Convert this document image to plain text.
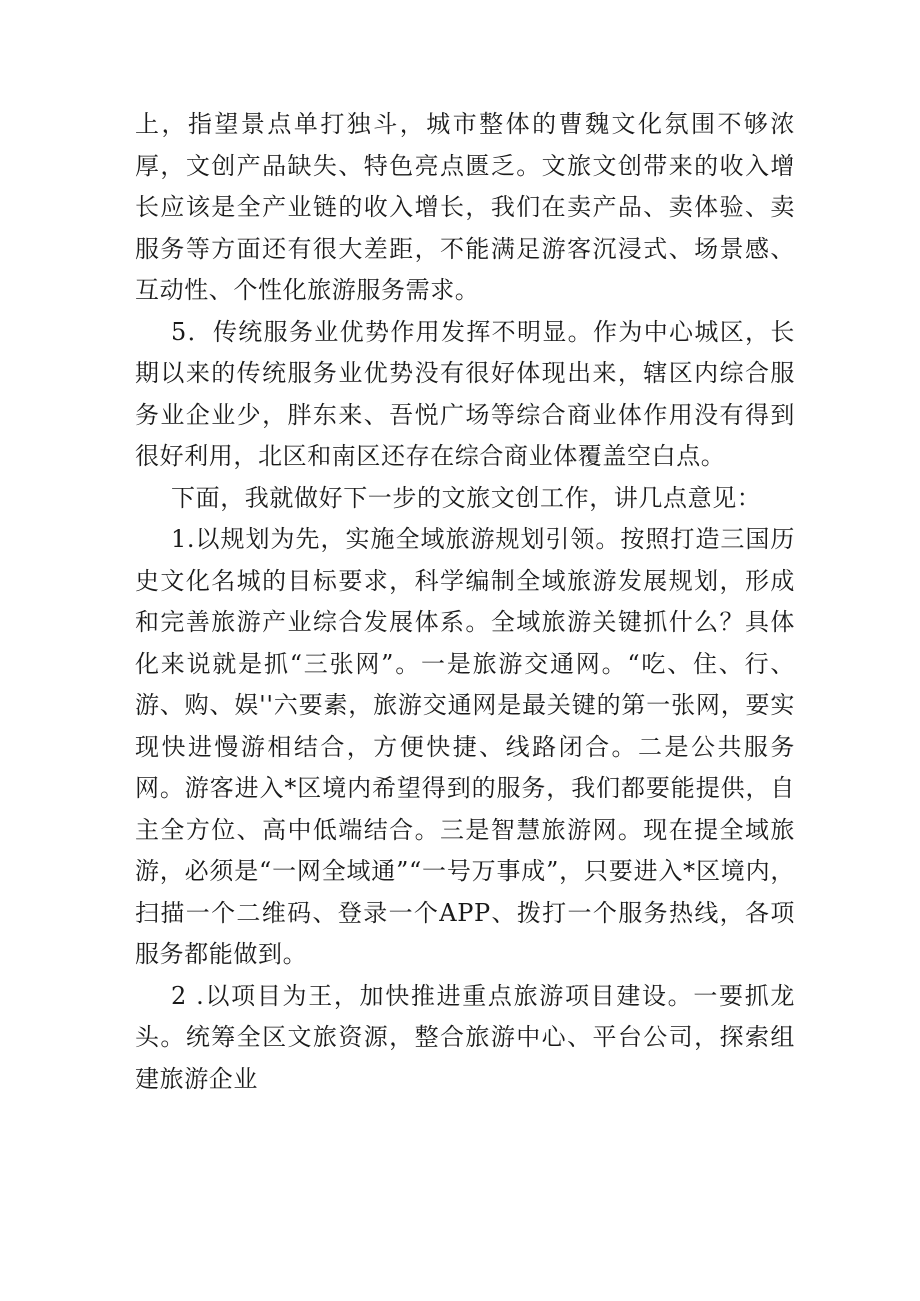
上，指望景点单打独斗，城市整体的曹魏文化氛围不够浓厚，文创产品缺失、特色亮点匮乏。文旅文创带来的收入增长应该是全产业链的收入增长，我们在卖产品、卖体验、卖服务等方面还有很大差距，不能满足游客沉浸式、场景感、互动性、个性化旅游服务需求。

5．传统服务业优势作用发挥不明显。作为中心城区，长期以来的传统服务业优势没有很好体现出来，辖区内综合服务业企业少，胖东来、吾悦广场等综合商业体作用没有得到很好利用，北区和南区还存在综合商业体覆盖空白点。

下面，我就做好下一步的文旅文创工作，讲几点意见：

1.以规划为先，实施全域旅游规划引领。按照打造三国历史文化名城的目标要求，科学编制全域旅游发展规划，形成和完善旅游产业综合发展体系。全域旅游关键抓什么？具体化来说就是抓“三张网”。一是旅游交通网。“吃、住、行、游、购、娱''六要素，旅游交通网是最关键的第一张网，要实现快进慢游相结合，方便快捷、线路闭合。二是公共服务网。游客进入*区境内希望得到的服务，我们都要能提供，自主全方位、高中低端结合。三是智慧旅游网。现在提全域旅游，必须是“一网全域通”“一号万事成”，只要进入*区境内，扫描一个二维码、登录一个APP、拨打一个服务热线，各项服务都能做到。

2 .以项目为王，加快推进重点旅游项目建设。一要抓龙头。统筹全区文旅资源，整合旅游中心、平台公司，探索组建旅游企业
